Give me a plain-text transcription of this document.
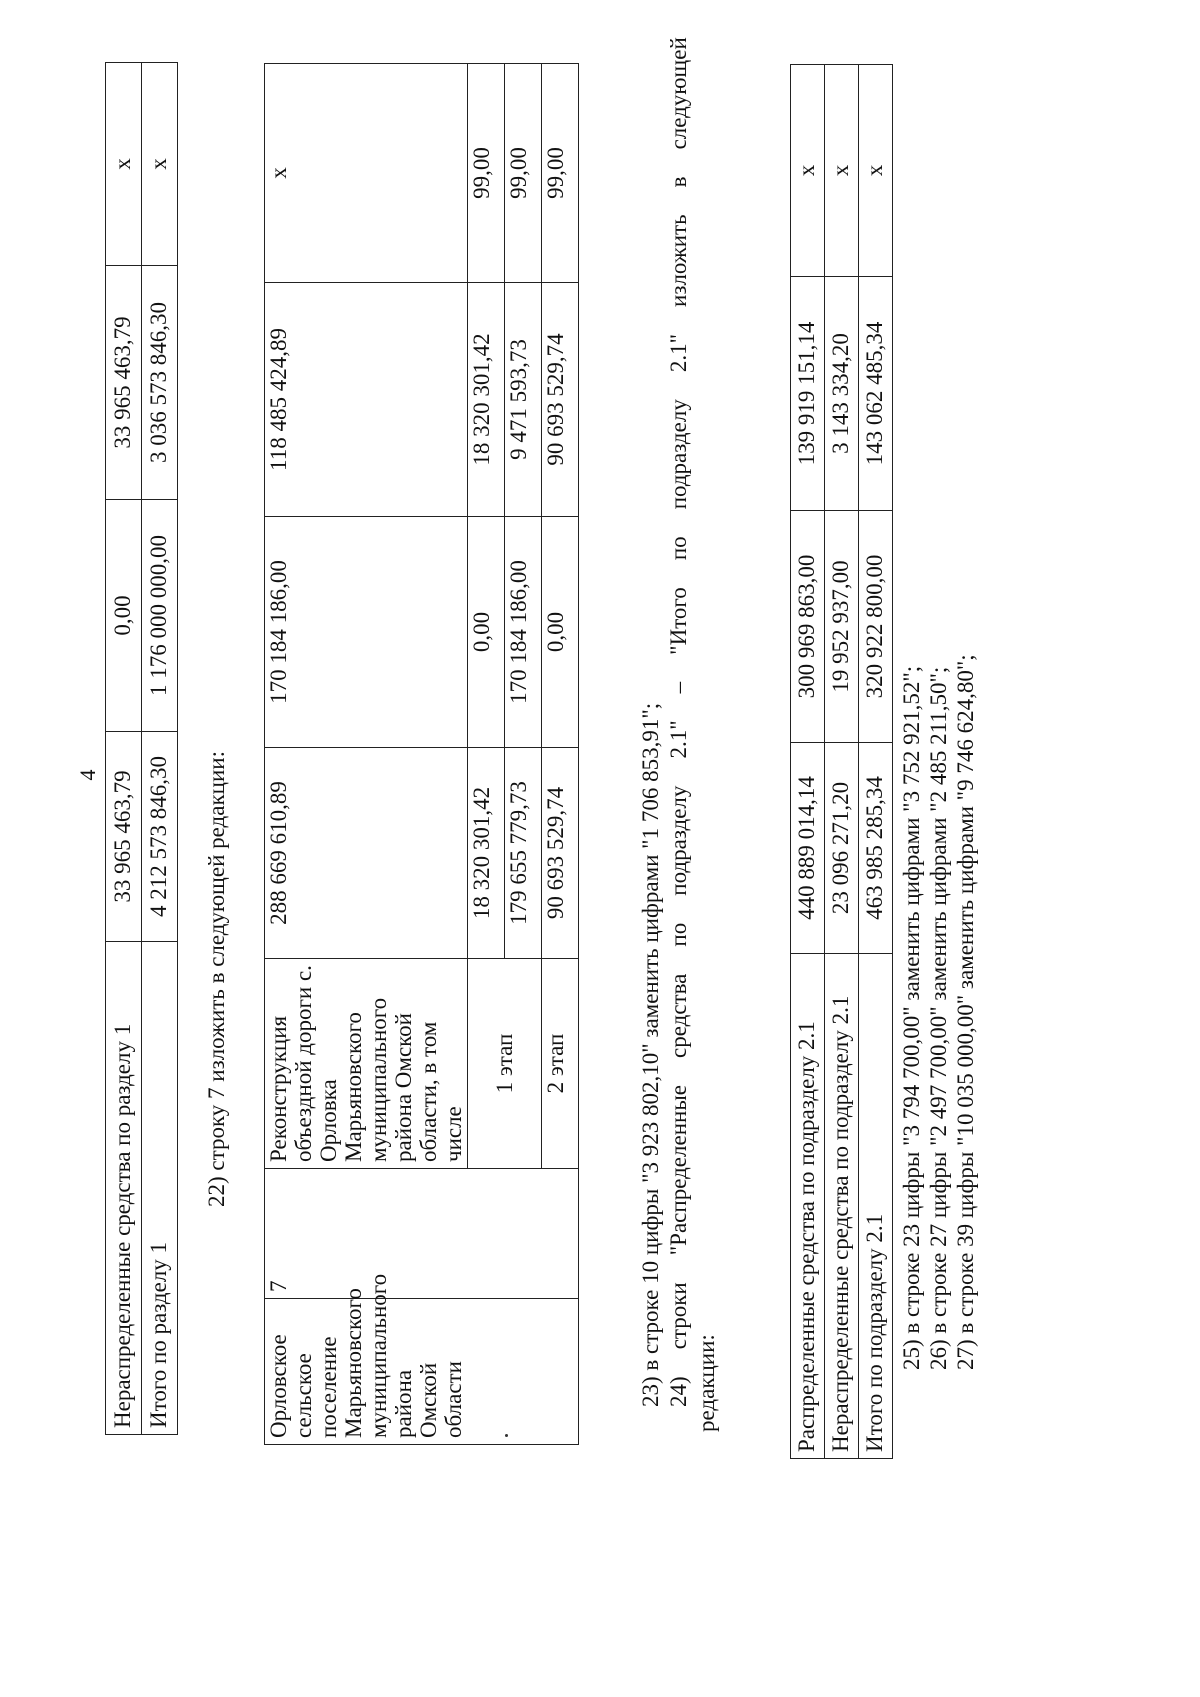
4
Нераспределенные средства по разделу 1	33 965 463,79	0,00	33 965 463,79	x
Итого по разделу 1	4 212 573 846,30	1 176 000 000,00	3 036 573 846,30	x
22) строку 7 изложить в следующей редакции:
Орловское сельское поселение Марьяновского муниципального района Омской области	7	Реконструкция объездной дороги с. Орловка Марьяновского муниципального района Омской области, в том числе	288 669 610,89	170 184 186,00	118 485 424,89	x
		1 этап	18 320 301,42	0,00	18 320 301,42	99,00
			179 655 779,73	170 184 186,00	9 471 593,73	99,00
		2 этап	90 693 529,74	0,00	90 693 529,74	99,00
23) в строке 10 цифры "3 923 802,10" заменить цифрами "1 706 853,91"; 24)
строки
"Распределенные
средства
по
подразделу
2.1"
–
"Итого
по
подразделу
2.1"
изложить
в
следующей
редакции:	Распределенные средства по подразделу 2.1	440 889 014,14	300 969 863,00	139 919 151,14	x
Нераспределенные средства по подразделу 2.1	23 096 271,20	19 952 937,00	3 143 334,20	x
Итого по подразделу 2.1	463 985 285,34	320 922 800,00	143 062 485,34	x
25) в строке 23 цифры "3 794 700,00" заменить цифрами "3 752 921,52"; 26) в строке 27 цифры "2 497 700,00" заменить цифрами "2 485 211,50"; 27) в строке 39 цифры "10 035 000,00" заменить цифрами "9 746 624,80";
